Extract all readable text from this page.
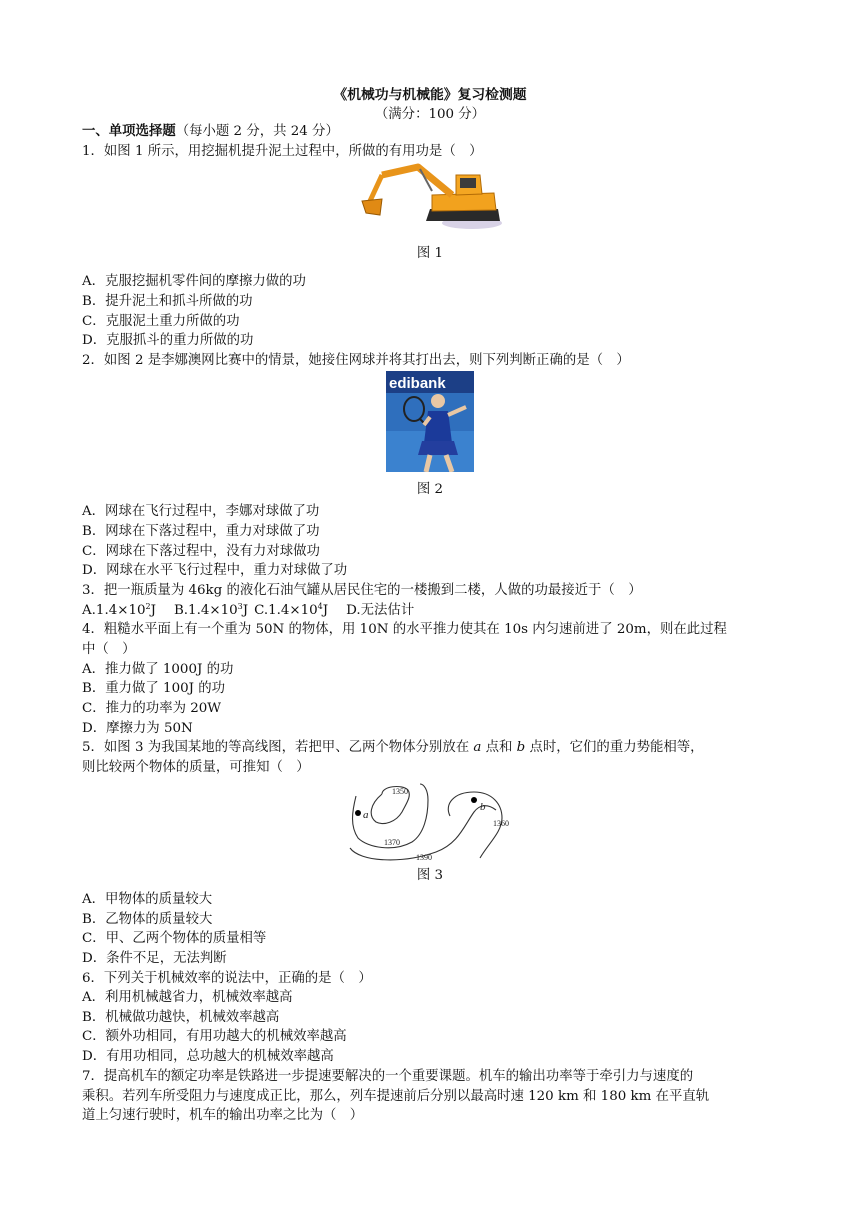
《机械功与机械能》复习检测题
（满分：100 分）
一、单项选择题（每小题 2 分，共 24 分）
1．如图 1 所示，用挖掘机提升泥土过程中，所做的有用功是（　）
图 1
A．克服挖掘机零件间的摩擦力做的功
B．提升泥土和抓斗所做的功
C．克服泥土重力所做的功
D．克服抓斗的重力所做的功
2．如图 2 是李娜澳网比赛中的情景，她接住网球并将其打出去，则下列判断正确的是（　）
edibank
图 2
A．网球在飞行过程中，李娜对球做了功
B．网球在下落过程中，重力对球做了功
C．网球在下落过程中，没有力对球做功
D．网球在水平飞行过程中，重力对球做了功
3．把一瓶质量为 46kg 的液化石油气罐从居民住宅的一楼搬到二楼，人做的功最接近于（　）
$A.1.4\times 10^2J$ $B.1.4\times 10^3J$ $C.1.4\times 10^4J$ D.无法估计
4．粗糙水平面上有一个重为 50N 的物体，用 10N 的水平推力使其在 10s 内匀速前进了 20m，则在此过程
中（　）
A．推力做了 1000J 的功
B．重力做了 100J 的功
C．推力的功率为 20W
D．摩擦力为 50N
5．如图 3 为我国某地的等高线图，若把甲、乙两个物体分别放在 a 点和 b 点时，它们的重力势能相等，
则比较两个物体的质量，可推知（　）
a
b
1350
1360
1370
1390
图 3
A．甲物体的质量较大
B．乙物体的质量较大
C．甲、乙两个物体的质量相等
D．条件不足，无法判断
6．下列关于机械效率的说法中，正确的是（　）
A．利用机械越省力，机械效率越高
B．机械做功越快，机械效率越高
C．额外功相同，有用功越大的机械效率越高
D．有用功相同，总功越大的机械效率越高
7．提高机车的额定功率是铁路进一步提速要解决的一个重要课题。机车的输出功率等于牵引力与速度的
乘积。若列车所受阻力与速度成正比，那么，列车提速前后分别以最高时速 120 km 和 180 km 在平直轨
道上匀速行驶时，机车的输出功率之比为（　）
